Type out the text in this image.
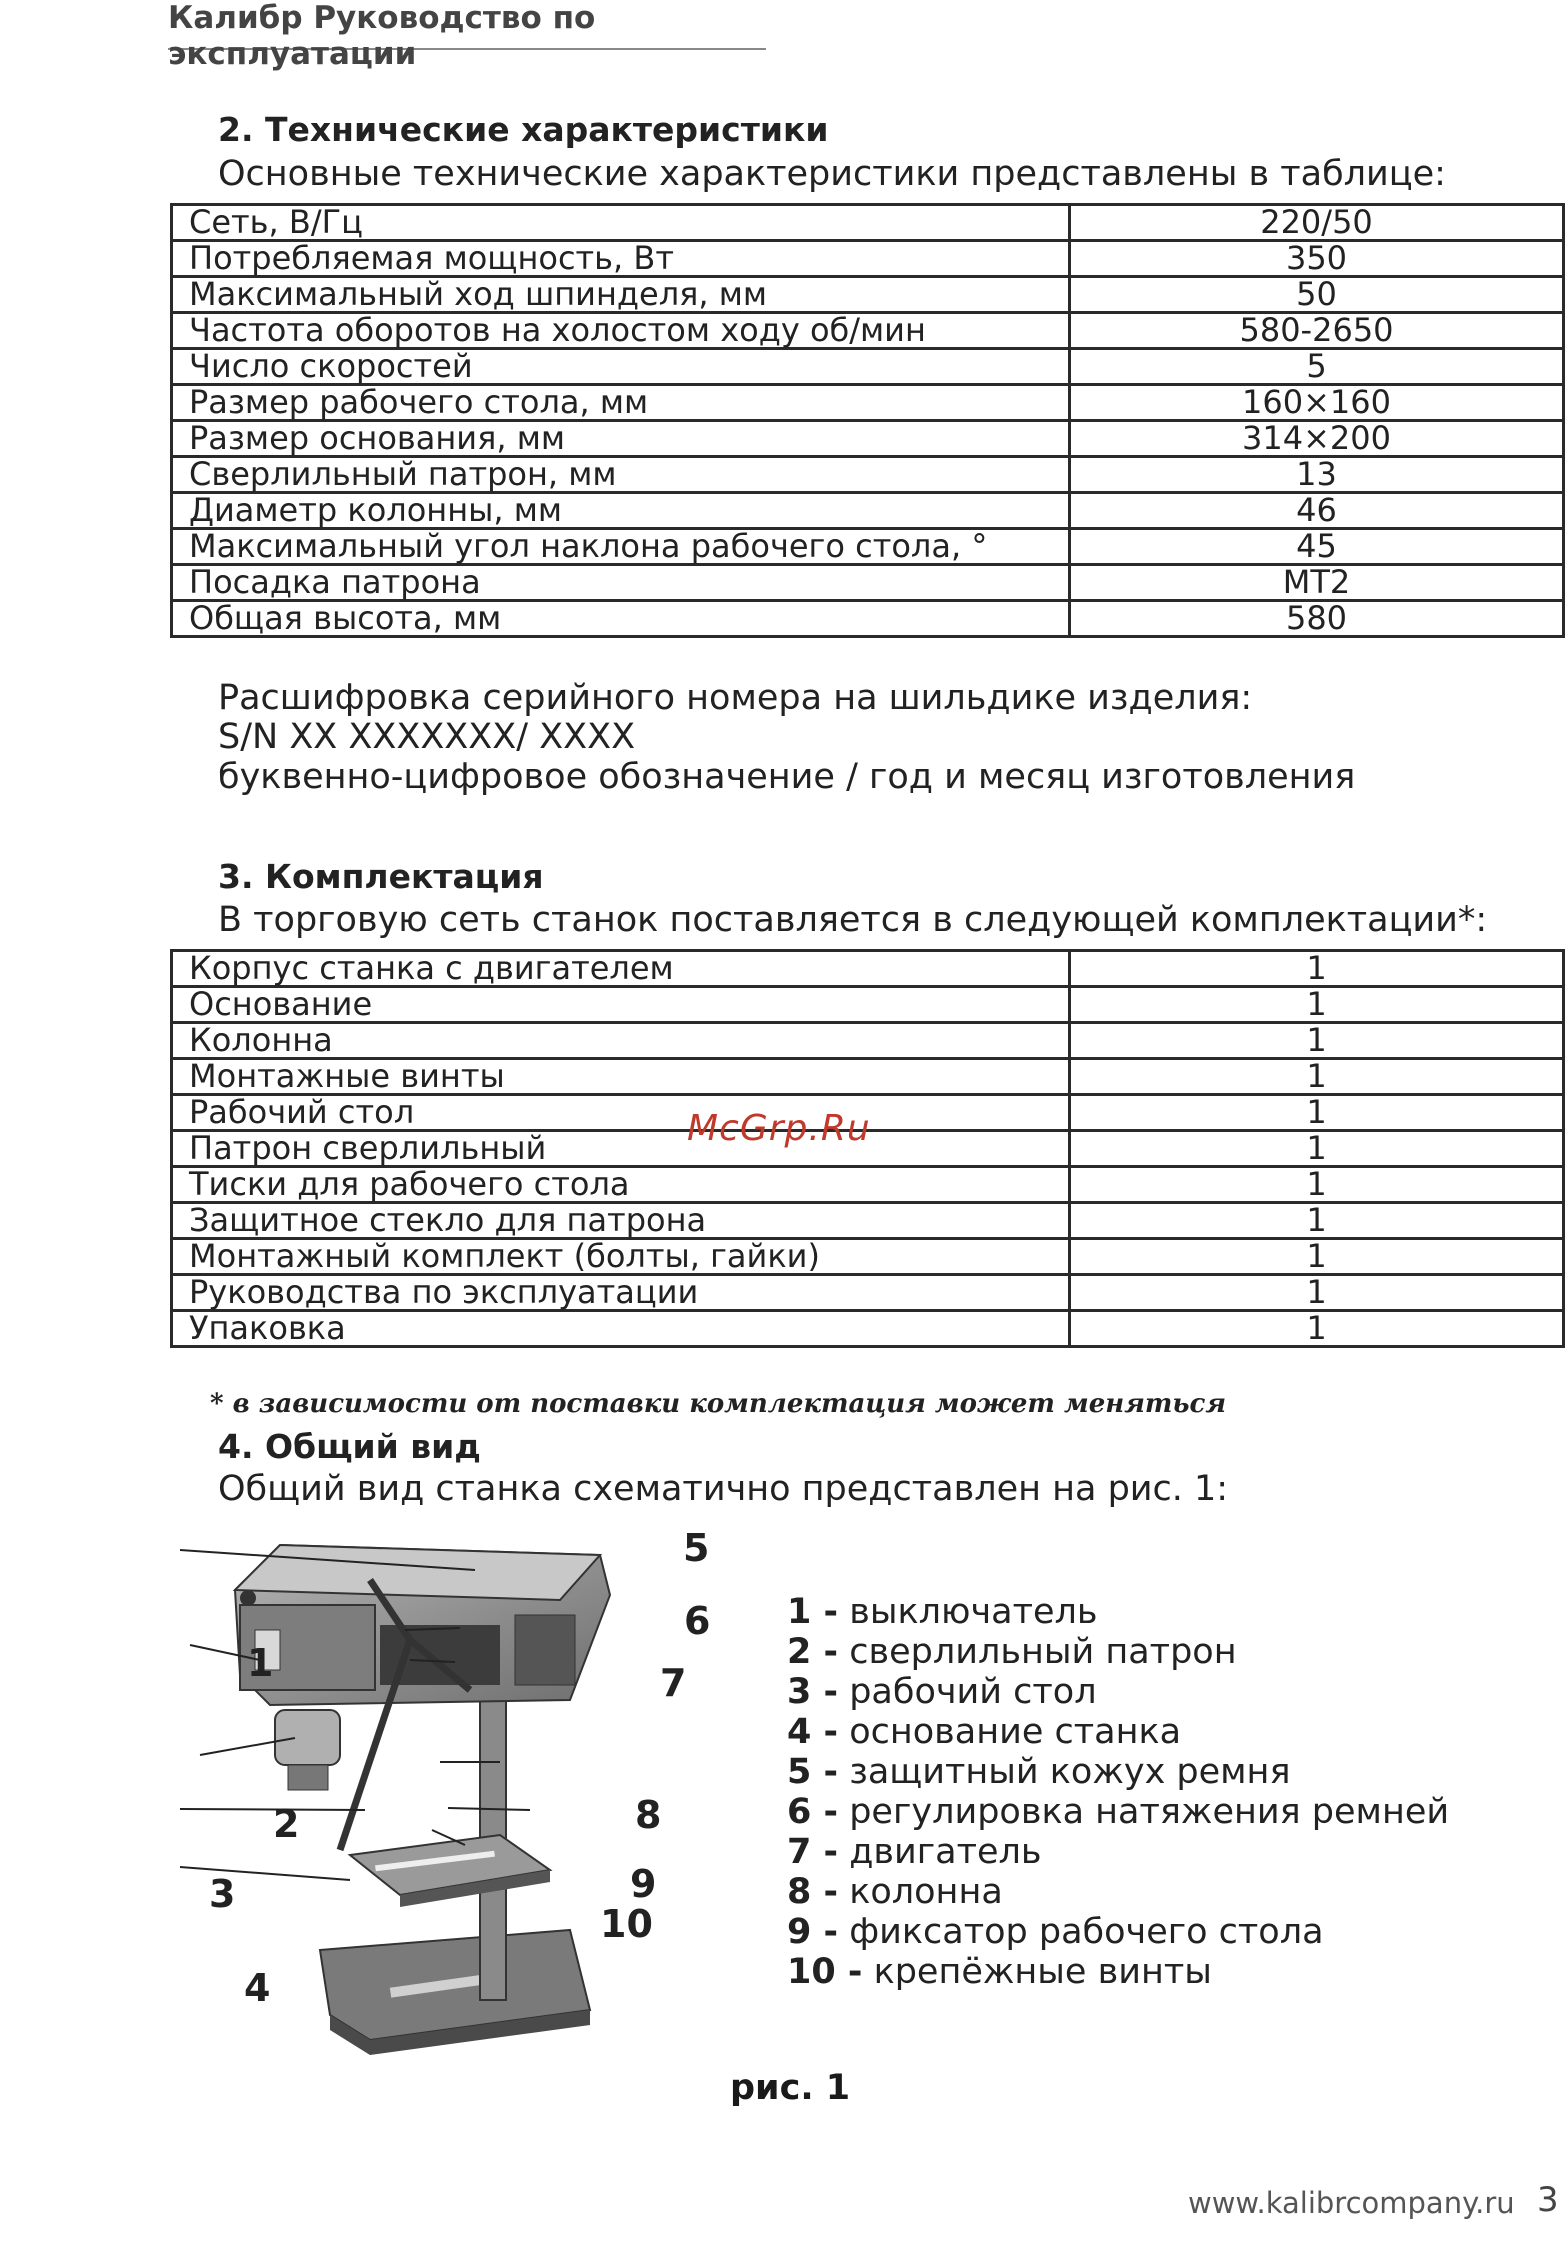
Калибр Руководство по эксплуатации
2. Технические характеристики
Основные технические характеристики представлены в таблице:
Сеть, В/Гц	220/50
Потребляемая мощность, Вт	350
Максимальный ход шпинделя, мм	50
Частота оборотов на холостом ходу об/мин	580-2650
Число скоростей	5
Размер рабочего стола, мм	160×160
Размер основания, мм	314×200
Сверлильный патрон, мм	13
Диаметр колонны, мм	46
Максимальный угол наклона рабочего стола, °	45
Посадка патрона	МТ2
Общая высота, мм	580
Расшифровка серийного номера на шильдике изделия:
S/N XX XXXXXXX/ XXXX
буквенно-цифровое обозначение / год и месяц изготовления
3. Комплектация
В торговую сеть станок поставляется в следующей комплектации*:
Корпус станка с двигателем	1
Основание	1
Колонна	1
Монтажные винты	1
Рабочий стол	1
Патрон сверлильный	1
Тиски для рабочего стола	1
Защитное стекло для патрона	1
Монтажный комплект (болты, гайки)	1
Руководства по эксплуатации	1
Упаковка	1
McGrp.Ru
* в зависимости от поставки комплектация может меняться
4. Общий вид
Общий вид станка схематично представлен на рис. 1:
1
2
3
4
5
6
7
8
9
10
1 - выключатель
2 - сверлильный патрон
3 - рабочий стол
4 - основание станка
5 - защитный кожух ремня
6 - регулировка натяжения ремней
7 - двигатель
8 - колонна
9 - фиксатор рабочего стола
10 - крепёжные винты
рис. 1
www.kalibrcompany.ru 3
